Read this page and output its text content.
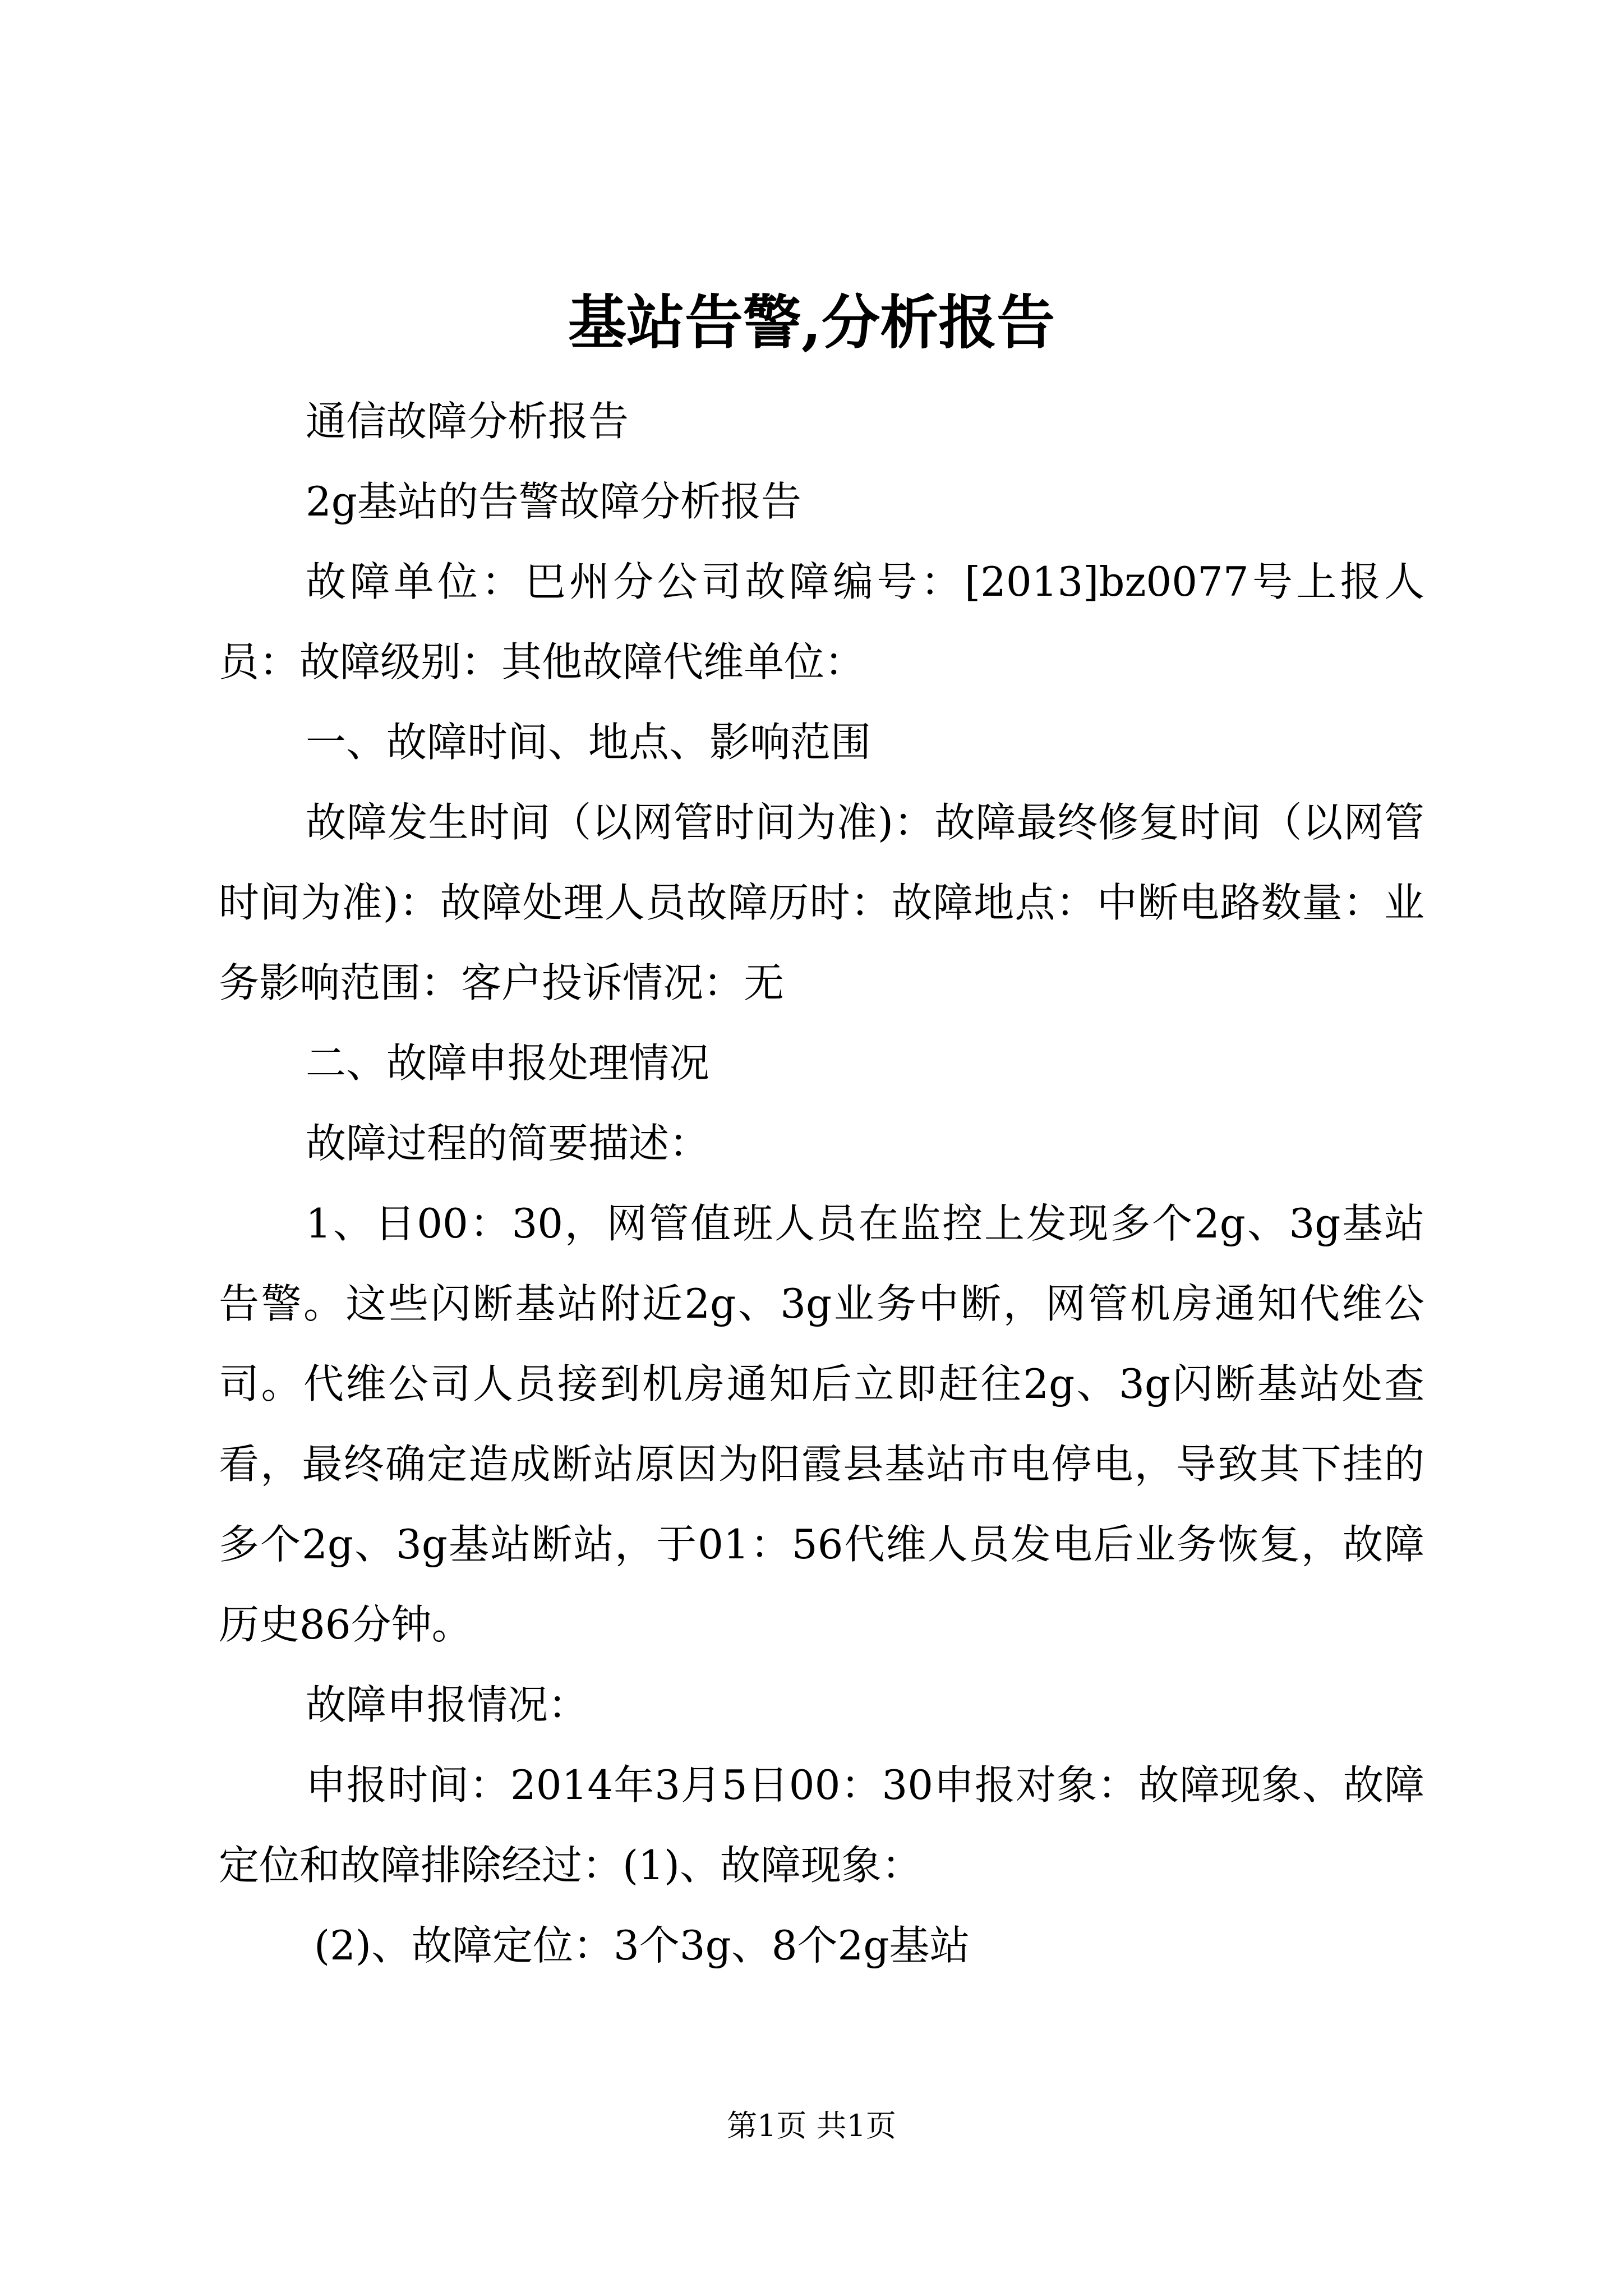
基站告警,分析报告

通信故障分析报告

2g基站的告警故障分析报告

故障单位：巴州分公司故障编号：[2013]bz0077号上报人员：故障级别：其他故障代维单位：

一、故障时间、地点、影响范围

故障发生时间（以网管时间为准)：故障最终修复时间（以网管时间为准)：故障处理人员故障历时：故障地点：中断电路数量：业务影响范围：客户投诉情况：无

二、故障申报处理情况

故障过程的简要描述：

1、日00：30，网管值班人员在监控上发现多个2g、3g基站告警。这些闪断基站附近2g、3g业务中断，网管机房通知代维公司。代维公司人员接到机房通知后立即赶往2g、3g闪断基站处查看，最终确定造成断站原因为阳霞县基站市电停电，导致其下挂的多个2g、3g基站断站，于01：56代维人员发电后业务恢复，故障历史86分钟。

故障申报情况：

申报时间：2014年3月5日00：30申报对象：故障现象、故障定位和故障排除经过：(1)、故障现象：

(2)、故障定位：3个3g、8个2g基站

第1页 共1页
